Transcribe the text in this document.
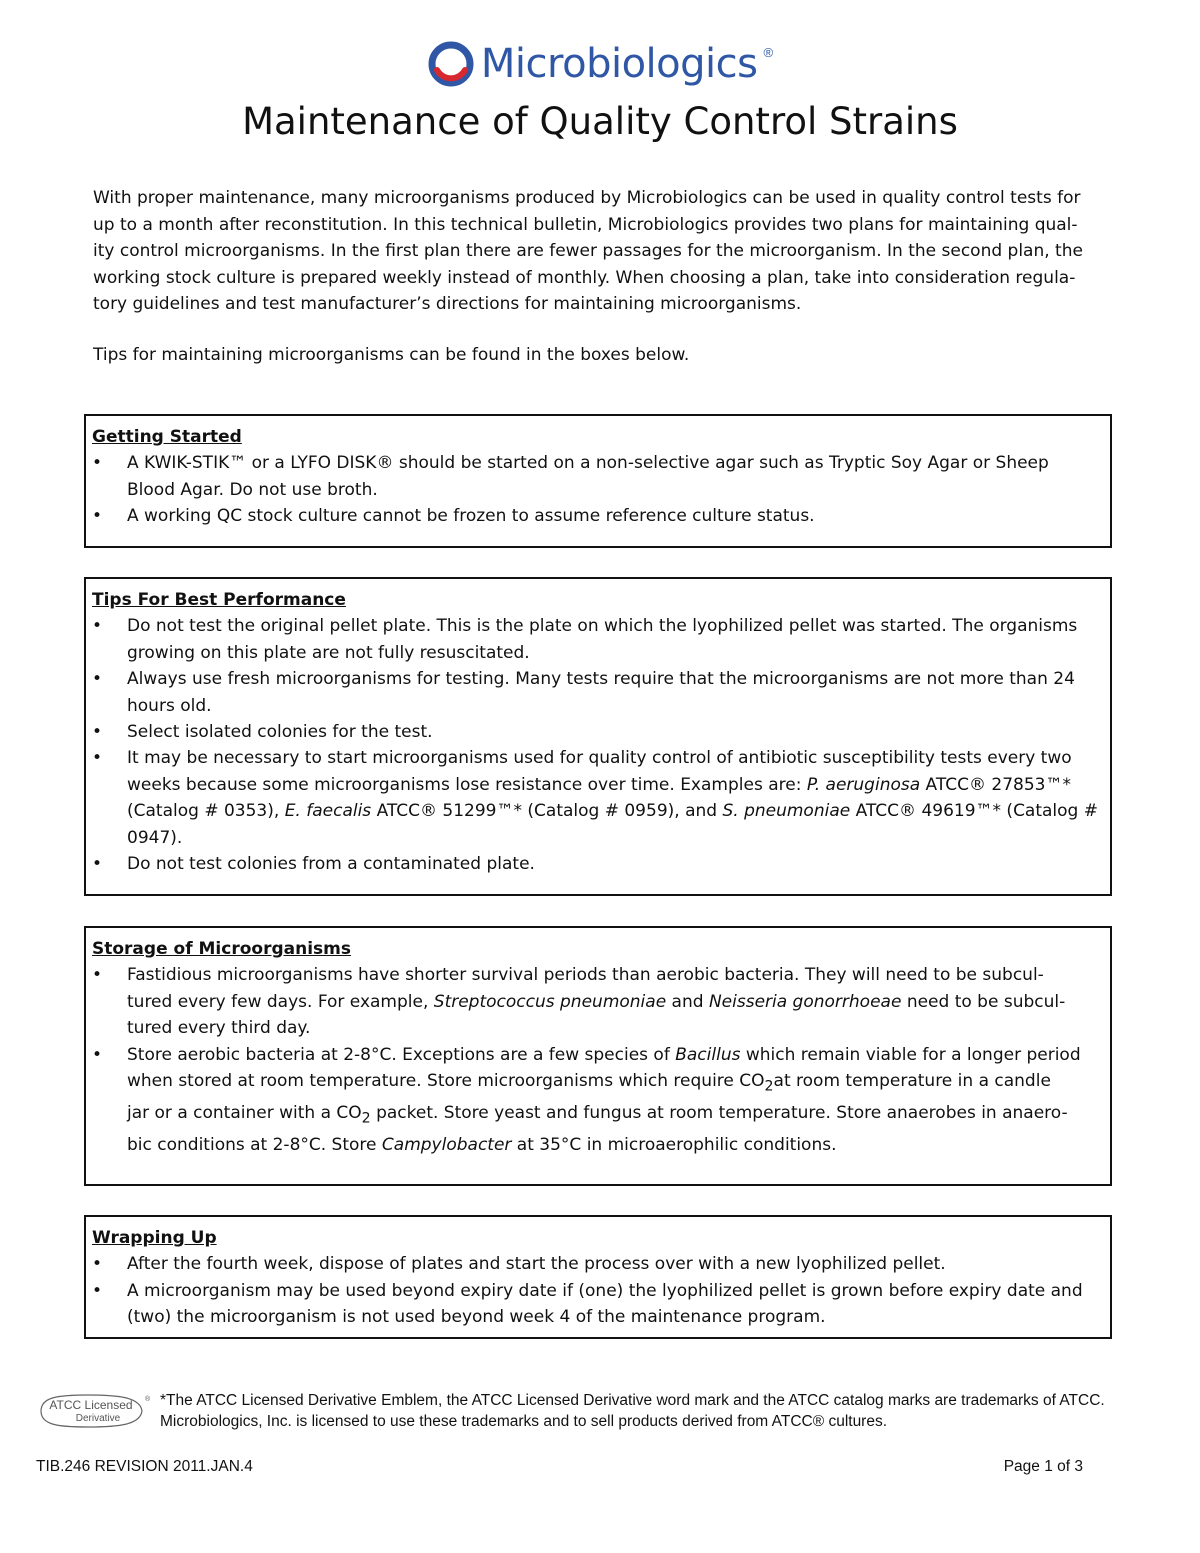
Microbiologics ®
Maintenance of Quality Control Strains
With proper maintenance, many microorganisms produced by Microbiologics can be used in quality control tests for
up to a month after reconstitution. In this technical bulletin, Microbiologics provides two plans for maintaining qual-
ity control microorganisms. In the first plan there are fewer passages for the microorganism. In the second plan, the
working stock culture is prepared weekly instead of monthly. When choosing a plan, take into consideration regula-
tory guidelines and test manufacturer’s directions for maintaining microorganisms.
Tips for maintaining microorganisms can be found in the boxes below.

Getting Started

• A KWIK-STIK™ or a LYFO DISK® should be started on a non-selective agar such as Tryptic Soy Agar or Sheep
Blood Agar. Do not use broth.
• A working QC stock culture cannot be frozen to assume reference culture status.

Tips For Best Performance

• Do not test the original pellet plate. This is the plate on which the lyophilized pellet was started. The organisms
growing on this plate are not fully resuscitated.
• Always use fresh microorganisms for testing. Many tests require that the microorganisms are not more than 24
hours old.
• Select isolated colonies for the test.
• It may be necessary to start microorganisms used for quality control of antibiotic susceptibility tests every two
weeks because some microorganisms lose resistance over time. Examples are: P. aeruginosa ATCC® 27853™*
(Catalog # 0353), E. faecalis ATCC® 51299™* (Catalog # 0959), and S. pneumoniae ATCC® 49619™* (Catalog #
0947).
• Do not test colonies from a contaminated plate.

Storage of Microorganisms

• Fastidious microorganisms have shorter survival periods than aerobic bacteria. They will need to be subcul-
tured every few days. For example, Streptococcus pneumoniae and Neisseria gonorrhoeae need to be subcul-
tured every third day.
• Store aerobic bacteria at 2-8°C. Exceptions are a few species of Bacillus which remain viable for a longer period
when stored at room temperature. Store microorganisms which require $CO_2at$ room temperature in a candle
jar or a container with a $CO_2$ packet. Store yeast and fungus at room temperature. Store anaerobes in anaero-
bic conditions at 2-8°C. Store Campylobacter at 35°C in microaerophilic conditions.

Wrapping Up

• After the fourth week, dispose of plates and start the process over with a new lyophilized pellet.
• A microorganism may be used beyond expiry date if (one) the lyophilized pellet is grown before expiry date and
(two) the microorganism is not used beyond week 4 of the maintenance program.
ATCC Licensed
Derivative
® *The ATCC Licensed Derivative Emblem, the ATCC Licensed Derivative word mark and the ATCC catalog marks are trademarks of ATCC.
Microbiologics, Inc. is licensed to use these trademarks and to sell products derived from ATCC® cultures.
TIB.246 REVISION 2011.JAN.4	Page 1 of 3
